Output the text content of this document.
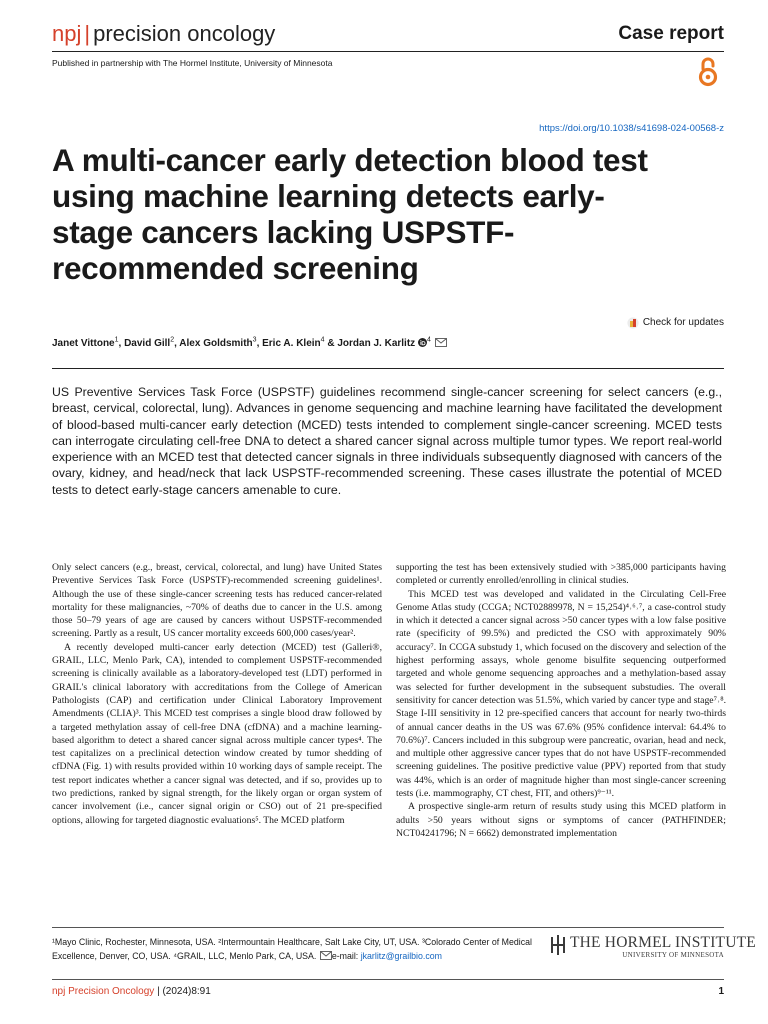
npj | precision oncology	Case report
Published in partnership with The Hormel Institute, University of Minnesota
https://doi.org/10.1038/s41698-024-00568-z
A multi-cancer early detection blood test
using machine learning detects early-
stage cancers lacking USPSTF-
recommended screening
Check for updates
Janet Vittone$^1$, David Gill$^2$, Alex Goldsmith$^3$, Eric A. Klein$^4$ & Jordan J. Karlitz $^4$

US Preventive Services Task Force (USPSTF) guidelines recommend single-cancer screening for select cancers (e.g., breast, cervical, colorectal, lung). Advances in genome sequencing and machine learning have facilitated the development of blood-based multi-cancer early detection (MCED) tests intended to complement single-cancer screening. MCED tests can interrogate circulating cell-free DNA to detect a shared cancer signal across multiple tumor types. We report real-world experience with an MCED test that detected cancer signals in three individuals subsequently diagnosed with cancers of the ovary, kidney, and head/neck that lack USPSTF-recommended screening. These cases illustrate the potential of MCED tests to detect early-stage cancers amenable to cure.

Only select cancers (e.g., breast, cervical, colorectal, and lung) have United States Preventive Services Task Force (USPSTF)-recommended screening guidelines¹. Although the use of these single-cancer screening tests has reduced cancer-related mortality for these malignancies, ~70% of deaths due to cancer in the U.S. among those 50–79 years of age are caused by cancers without USPSTF-recommended screening. Partly as a result, US cancer mortality exceeds 600,000 cases/year².

A recently developed multi-cancer early detection (MCED) test (Galleri®, GRAIL, LLC, Menlo Park, CA), intended to complement USPSTF-recommended screening is clinically available as a laboratory-developed test (LDT) performed in GRAIL's clinical laboratory with accreditations from the College of American Pathologists (CAP) and certification under Clinical Laboratory Improvement Amendments (CLIA)³. This MCED test comprises a single blood draw followed by a targeted methylation assay of cell-free DNA (cfDNA) and a machine learning-based algorithm to detect a shared cancer signal across multiple cancer types⁴. The test capitalizes on a preclinical detection window created by tumor shedding of cfDNA (Fig. 1) with results provided within 10 working days of sample receipt. The test report indicates whether a cancer signal was detected, and if so, provides up to two predictions, ranked by signal strength, for the likely organ or organ system of cancer involvement (i.e., cancer signal origin or CSO) out of 21 pre-specified options, allowing for targeted diagnostic evaluations⁵. The MCED platform

supporting the test has been extensively studied with >385,000 participants having completed or currently enrolled/enrolling in clinical studies.

This MCED test was developed and validated in the Circulating Cell-Free Genome Atlas study (CCGA; NCT02889978, N = 15,254)⁴˒⁶˒⁷, a case-control study in which it detected a cancer signal across >50 cancer types with a low false positive rate (specificity of 99.5%) and predicted the CSO with approximately 90% accuracy⁷. In CCGA substudy 1, which focused on the discovery and selection of the highest performing assays, whole genome bisulfite sequencing outperformed targeted and whole genome sequencing approaches and a methylation-based assay was selected for further development in the subsequent substudies. The overall sensitivity for cancer detection was 51.5%, which varied by cancer type and stage⁷˒⁸. Stage I-III sensitivity in 12 pre-specified cancers that account for nearly two-thirds of annual cancer deaths in the US was 67.6% (95% confidence interval: 64.4% to 70.6%)⁷. Cancers included in this subgroup were pancreatic, ovarian, head and neck, and multiple other aggressive cancer types that do not have USPSTF-recommended screening guidelines. The positive predictive value (PPV) reported from that study was 44%, which is an order of magnitude higher than most single-cancer screening tests (i.e. mammography, CT chest, FIT, and others)⁹⁻¹¹.

A prospective single-arm return of results study using this MCED platform in adults >50 years without signs or symptoms of cancer (PATHFINDER; NCT04241796; N = 6662) demonstrated implementation

¹Mayo Clinic, Rochester, Minnesota, USA. ²Intermountain Healthcare, Salt Lake City, UT, USA. ³Colorado Center of Medical Excellence, Denver, CO, USA. ⁴GRAIL, LLC, Menlo Park, CA, USA. e-mail: jkarlitz@grailbio.com
THE HORMEL INSTITUTE
UNIVERSITY OF MINNESOTA
npj Precision Oncology | (2024)8:91	1
